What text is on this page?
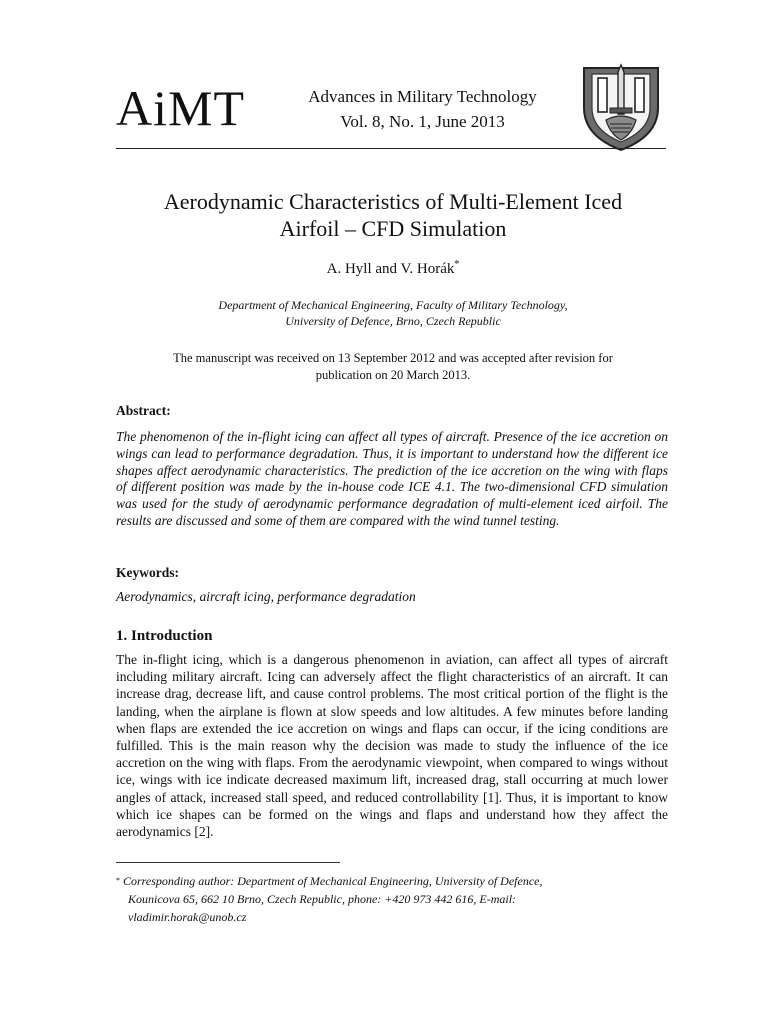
AiMT	Advances in Military Technology
Vol. 8, No. 1, June 2013
Aerodynamic Characteristics of Multi-Element Iced
Airfoil – CFD Simulation
A. Hyll and V. Horák*
Department of Mechanical Engineering, Faculty of Military Technology,
University of Defence, Brno, Czech Republic
The manuscript was received on 13 September 2012 and was accepted after revision for
publication on 20 March 2013.
Abstract:
The phenomenon of the in-flight icing can affect all types of aircraft. Presence of the ice accretion on wings can lead to performance degradation. Thus, it is important to understand how the different ice shapes affect aerodynamic characteristics. The prediction of the ice accretion on the wing with flaps of different position was made by the in-house code ICE 4.1. The two-dimensional CFD simulation was used for the study of aerodynamic performance degradation of multi-element iced airfoil. The results are discussed and some of them are compared with the wind tunnel testing.
Keywords:
Aerodynamics, aircraft icing, performance degradation
1. Introduction
The in-flight icing, which is a dangerous phenomenon in aviation, can affect all types of aircraft including military aircraft. Icing can adversely affect the flight characteristics of an aircraft. It can increase drag, decrease lift, and cause control problems. The most critical portion of the flight is the landing, when the airplane is flown at slow speeds and low altitudes. A few minutes before landing when flaps are extended the ice accretion on wings and flaps can occur, if the icing conditions are fulfilled. This is the main reason why the decision was made to study the influence of the ice accretion on the wing with flaps. From the aerodynamic viewpoint, when compared to wings without ice, wings with ice indicate decreased maximum lift, increased drag, stall occurring at much lower angles of attack, increased stall speed, and reduced controllability [1]. Thus, it is important to know which ice shapes can be formed on the wings and flaps and understand how they affect the aerodynamics [2].
* Corresponding author: Department of Mechanical Engineering, University of Defence,
Kounicova 65, 662 10 Brno, Czech Republic, phone: +420 973 442 616, E-mail:
vladimir.horak@unob.cz
